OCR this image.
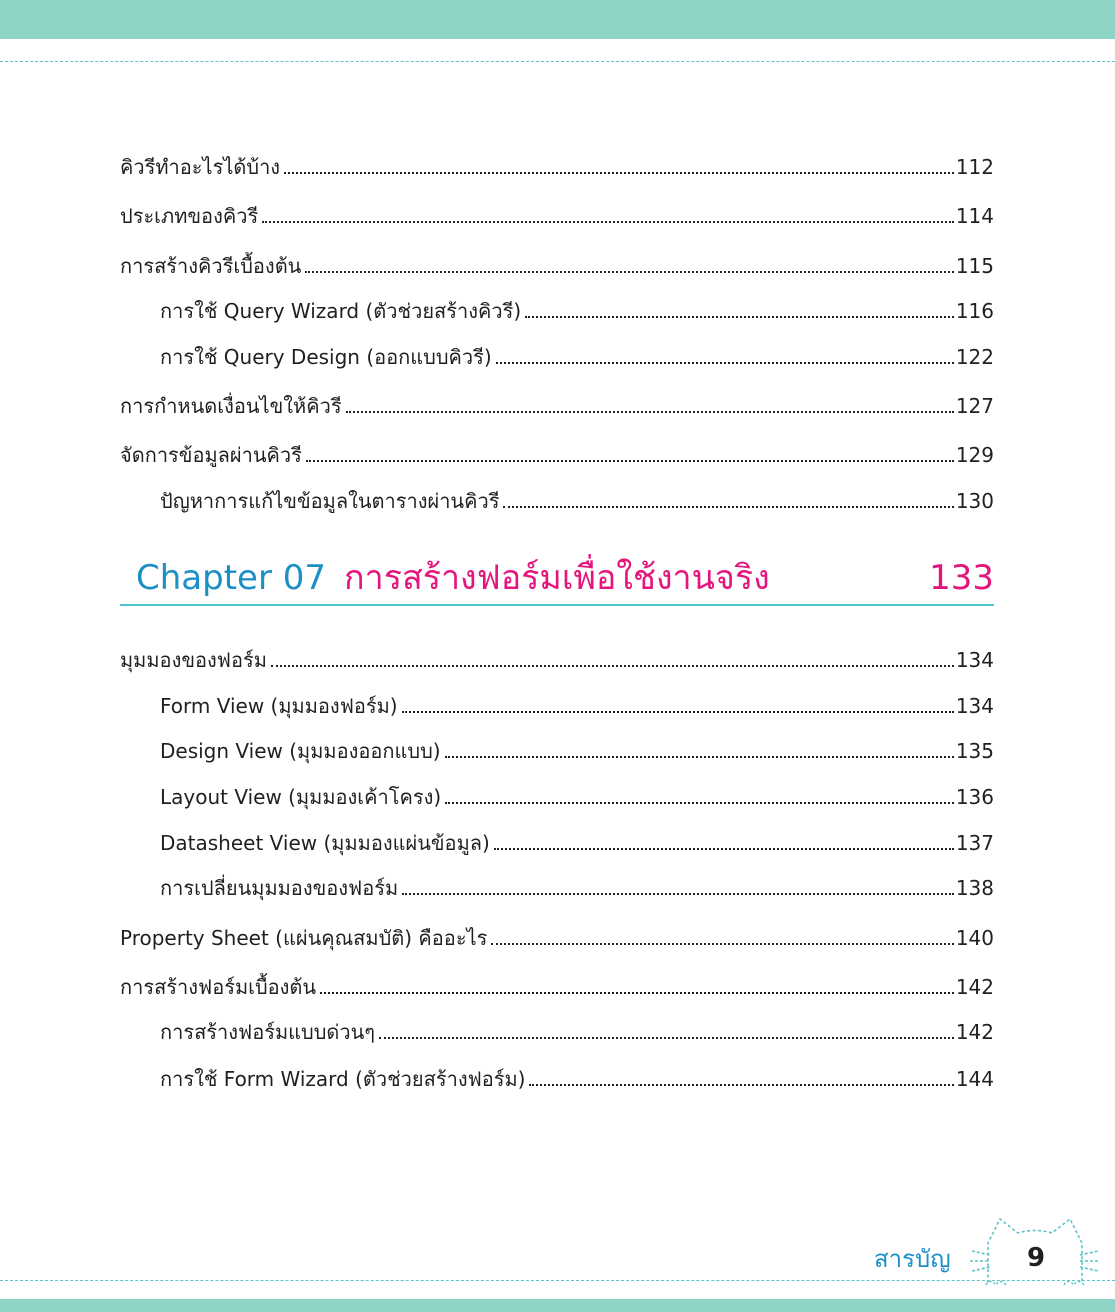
คิวรีทำอะไรได้บ้าง	112
ประเภทของคิวรี	114
การสร้างคิวรีเบื้องต้น	115
การใช้ Query Wizard (ตัวช่วยสร้างคิวรี)	116
การใช้ Query Design (ออกแบบคิวรี)	122
การกำหนดเงื่อนไขให้คิวรี	127
จัดการข้อมูลผ่านคิวรี	129
ปัญหาการแก้ไขข้อมูลในตารางผ่านคิวรี	130
Chapter 07 การสร้างฟอร์มเพื่อใช้งานจริง	133
มุมมองของฟอร์ม	134
Form View (มุมมองฟอร์ม)	134
Design View (มุมมองออกแบบ)	135
Layout View (มุมมองเค้าโครง)	136
Datasheet View (มุมมองแผ่นข้อมูล)	137
การเปลี่ยนมุมมองของฟอร์ม	138
Property Sheet (แผ่นคุณสมบัติ) คืออะไร	140
การสร้างฟอร์มเบื้องต้น	142
การสร้างฟอร์มแบบด่วนๆ	142
การใช้ Form Wizard (ตัวช่วยสร้างฟอร์ม)	144
สารบัญ	9
